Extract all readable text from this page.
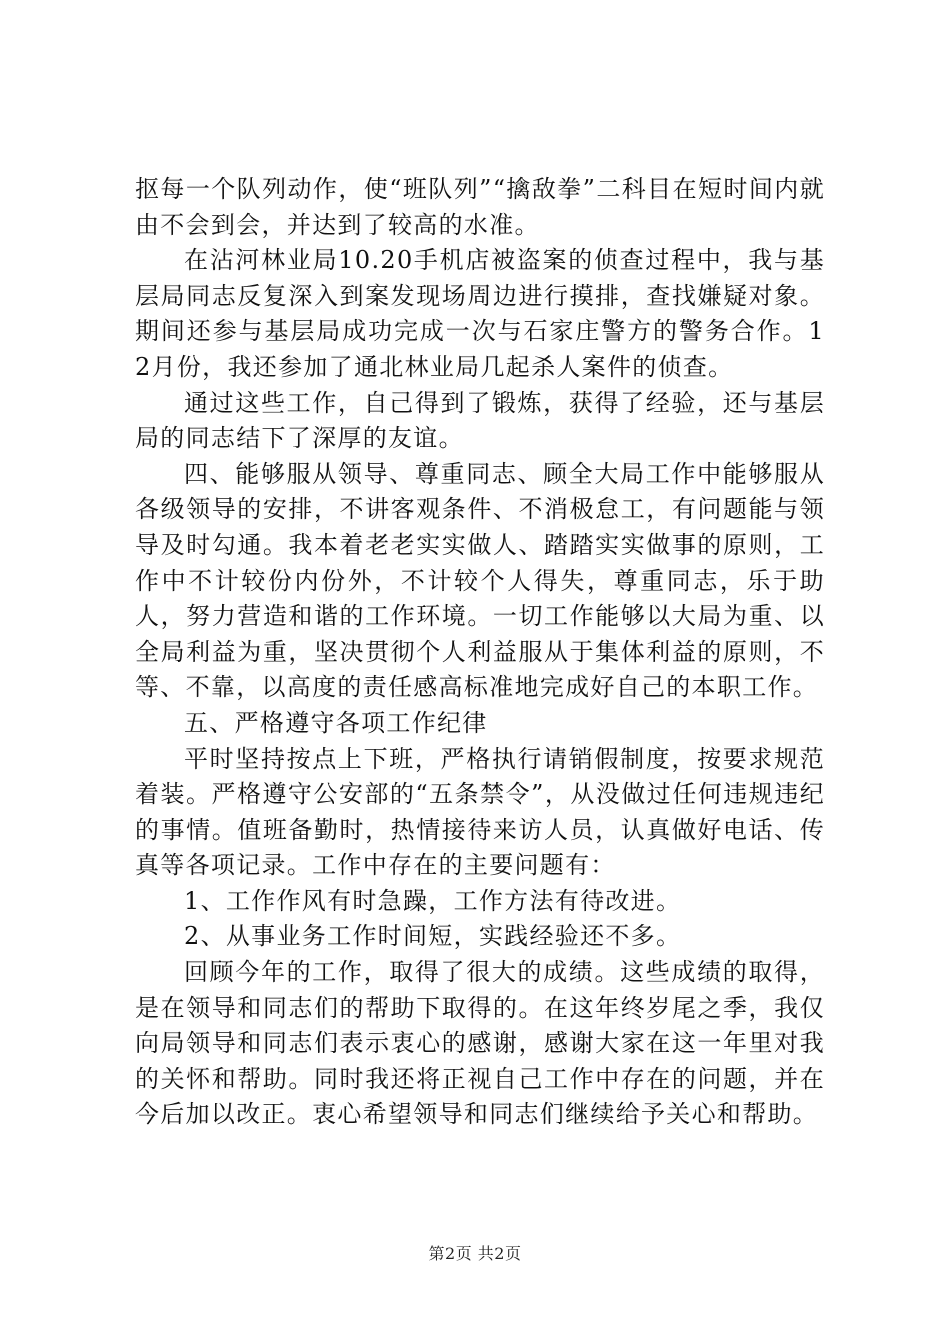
抠每一个队列动作，使“班队列”“擒敌拳”二科目在短时间内就由不会到会，并达到了较高的水准。

在沾河林业局10.20手机店被盗案的侦查过程中，我与基层局同志反复深入到案发现场周边进行摸排，查找嫌疑对象。期间还参与基层局成功完成一次与石家庄警方的警务合作。12月份，我还参加了通北林业局几起杀人案件的侦查。

通过这些工作，自己得到了锻炼，获得了经验，还与基层局的同志结下了深厚的友谊。

四、能够服从领导、尊重同志、顾全大局工作中能够服从各级领导的安排，不讲客观条件、不消极怠工，有问题能与领导及时勾通。我本着老老实实做人、踏踏实实做事的原则，工作中不计较份内份外，不计较个人得失，尊重同志，乐于助人，努力营造和谐的工作环境。一切工作能够以大局为重、以全局利益为重，坚决贯彻个人利益服从于集体利益的原则，不等、不靠，以高度的责任感高标准地完成好自己的本职工作。

五、严格遵守各项工作纪律

平时坚持按点上下班，严格执行请销假制度，按要求规范着装。严格遵守公安部的“五条禁令”，从没做过任何违规违纪的事情。值班备勤时，热情接待来访人员，认真做好电话、传真等各项记录。工作中存在的主要问题有：

1、工作作风有时急躁，工作方法有待改进。

2、从事业务工作时间短，实践经验还不多。

回顾今年的工作，取得了很大的成绩。这些成绩的取得，是在领导和同志们的帮助下取得的。在这年终岁尾之季，我仅向局领导和同志们表示衷心的感谢，感谢大家在这一年里对我的关怀和帮助。同时我还将正视自己工作中存在的问题，并在今后加以改正。衷心希望领导和同志们继续给予关心和帮助。

第2页 共2页
